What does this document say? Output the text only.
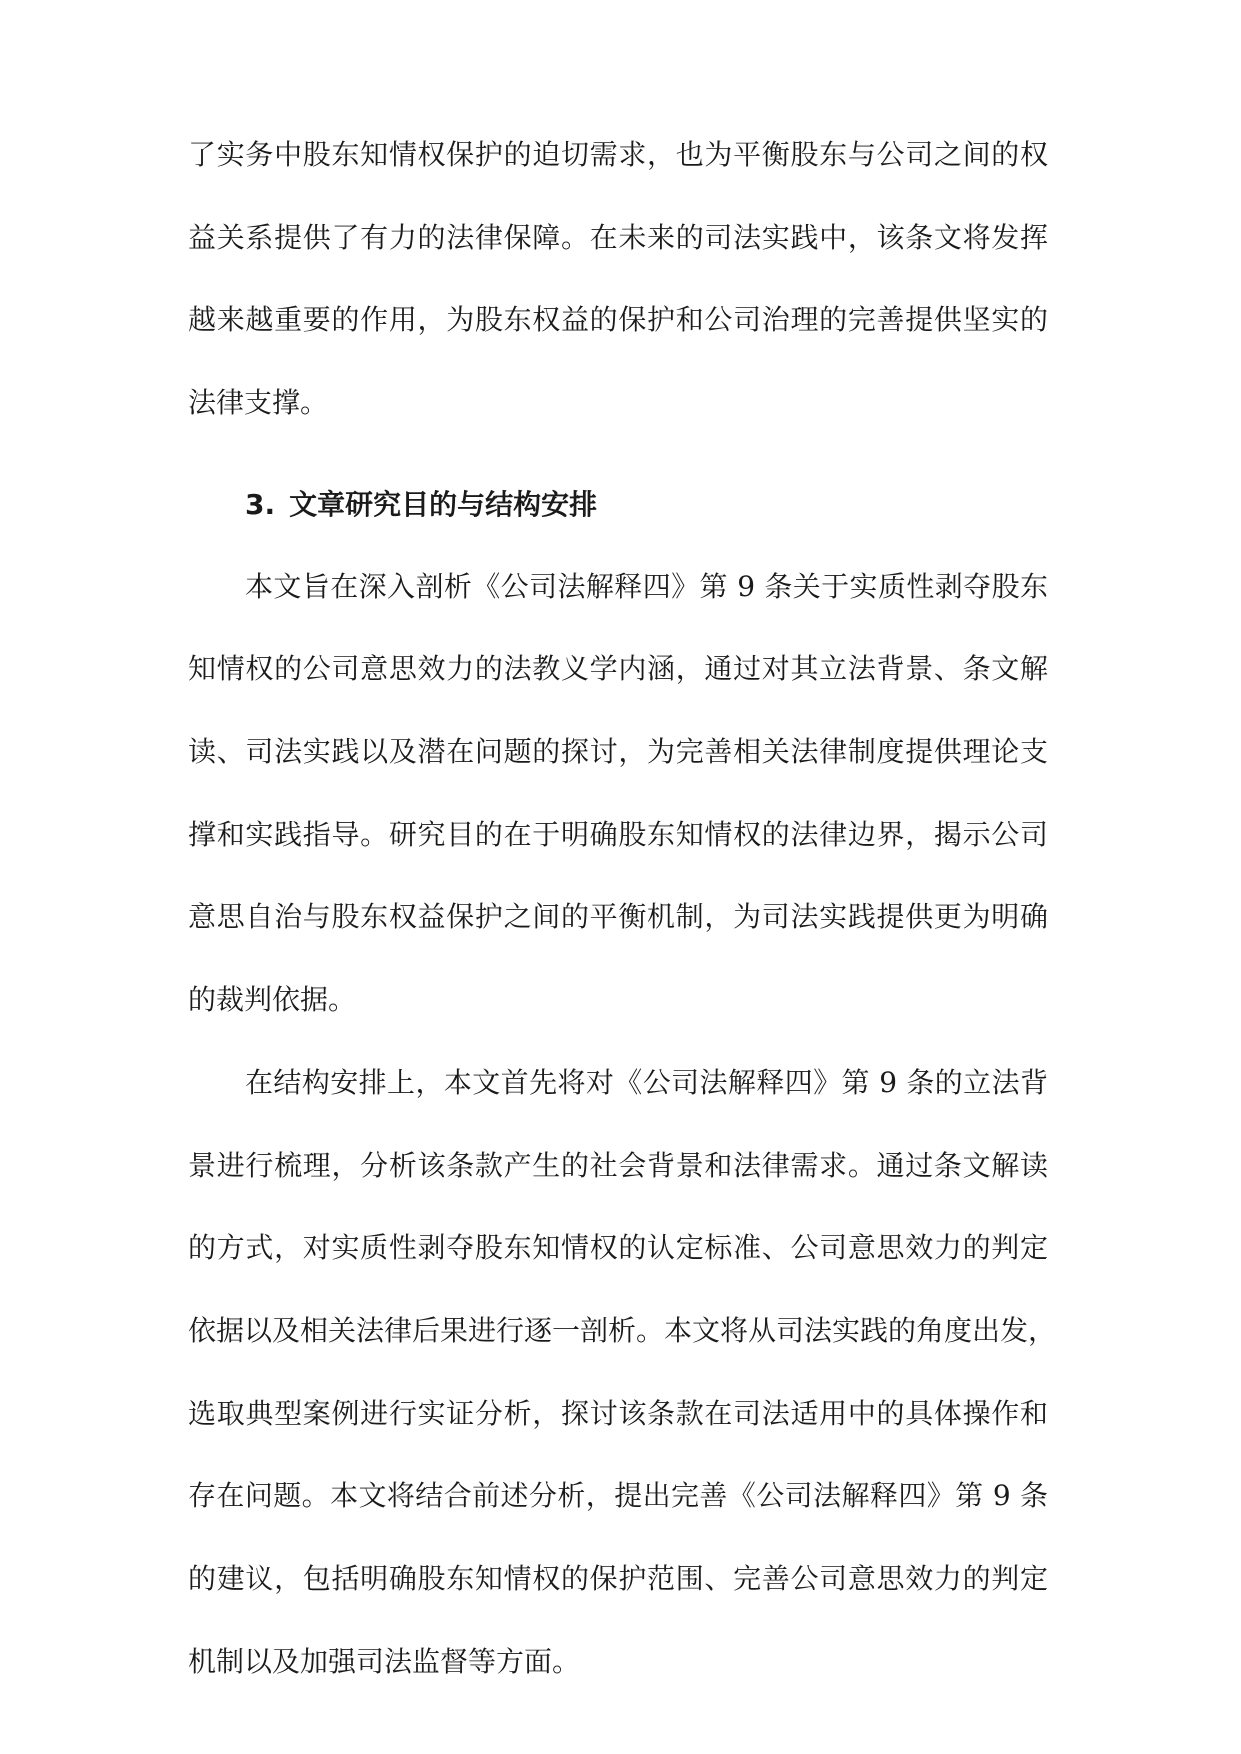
了实务中股东知情权保护的迫切需求，也为平衡股东与公司之间的权
益关系提供了有力的法律保障。在未来的司法实践中，该条文将发挥
越来越重要的作用，为股东权益的保护和公司治理的完善提供坚实的
法律支撑。
3. 文章研究目的与结构安排
本文旨在深入剖析《公司法解释四》第 9 条关于实质性剥夺股东
知情权的公司意思效力的法教义学内涵，通过对其立法背景、条文解
读、司法实践以及潜在问题的探讨，为完善相关法律制度提供理论支
撑和实践指导。研究目的在于明确股东知情权的法律边界，揭示公司
意思自治与股东权益保护之间的平衡机制，为司法实践提供更为明确
的裁判依据。
在结构安排上，本文首先将对《公司法解释四》第 9 条的立法背
景进行梳理，分析该条款产生的社会背景和法律需求。通过条文解读
的方式，对实质性剥夺股东知情权的认定标准、公司意思效力的判定
依据以及相关法律后果进行逐一剖析。本文将从司法实践的角度出发，
选取典型案例进行实证分析，探讨该条款在司法适用中的具体操作和
存在问题。本文将结合前述分析，提出完善《公司法解释四》第 9 条
的建议，包括明确股东知情权的保护范围、完善公司意思效力的判定
机制以及加强司法监督等方面。
